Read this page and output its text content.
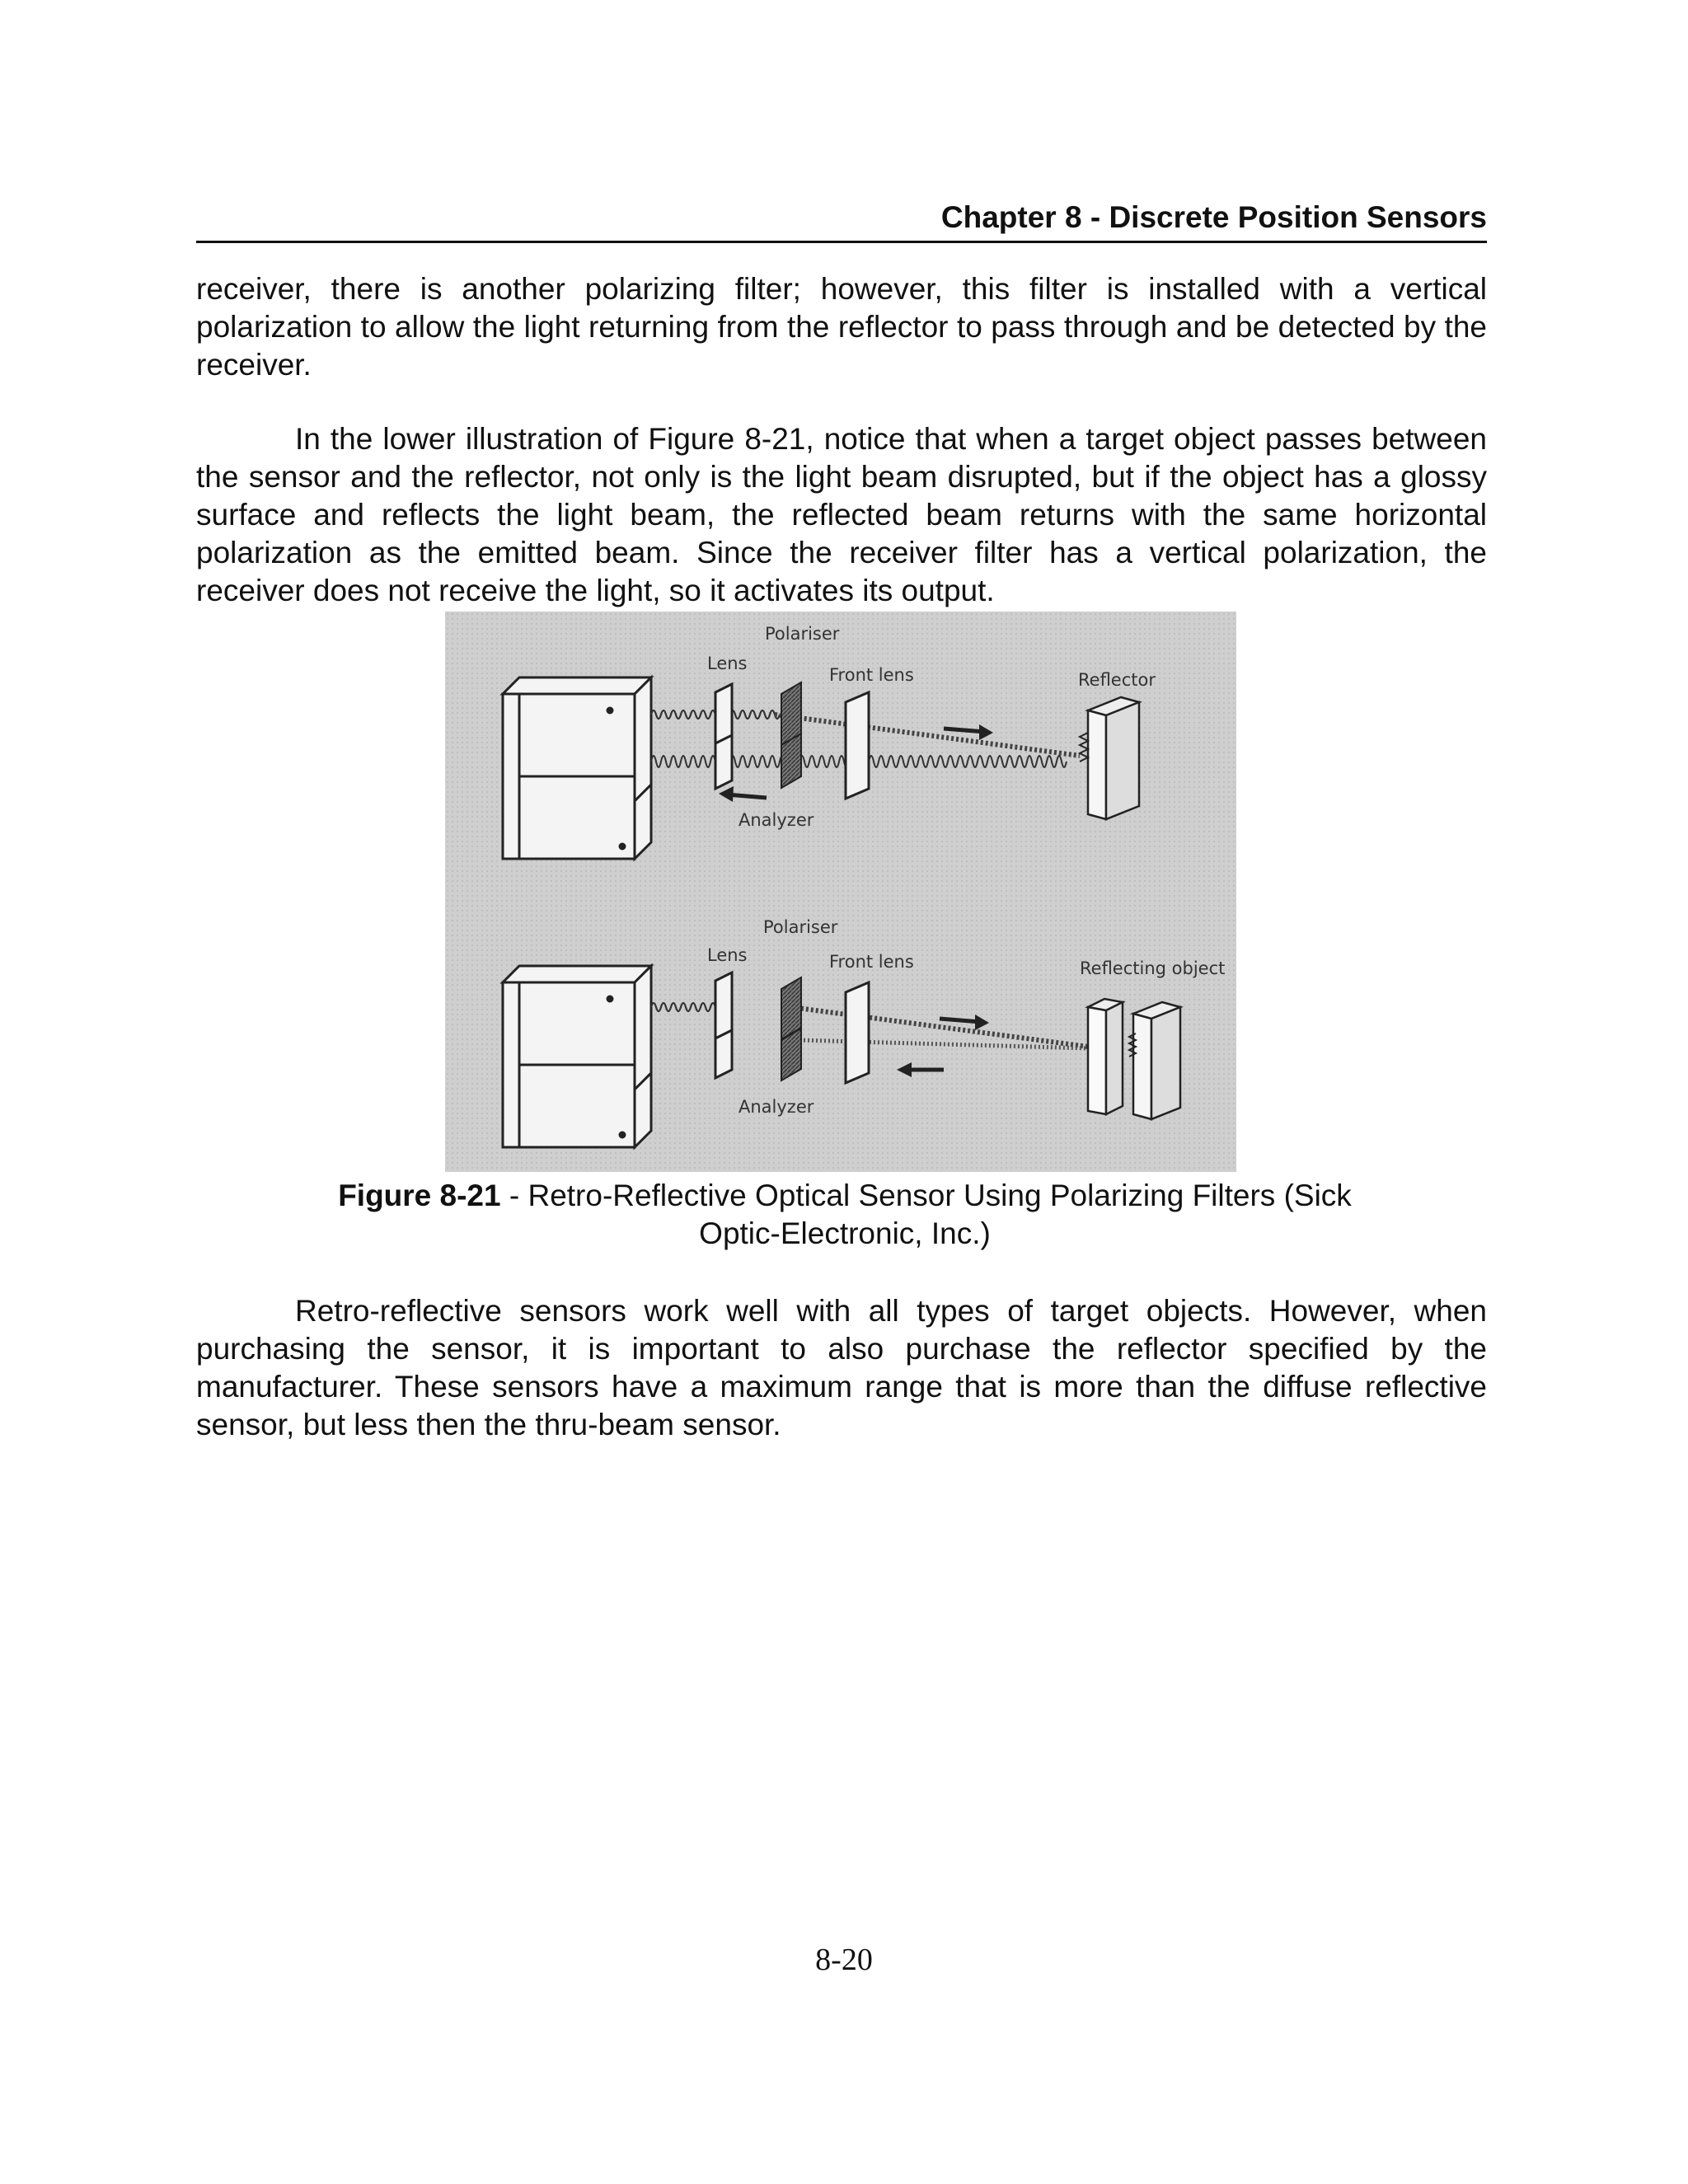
Chapter 8 - Discrete Position Sensors

receiver, there is another polarizing filter; however, this filter is installed with a vertical polarization to allow the light returning from the reflector to pass through and be detected by the receiver.

In the lower illustration of Figure 8-21, notice that when a target object passes between the sensor and the reflector, not only is the light beam disrupted, but if the object has a glossy surface and reflects the light beam, the reflected beam returns with the same horizontal polarization as the emitted beam. Since the receiver filter has a vertical polarization, the receiver does not receive the light, so it activates its output.

Polariser
Lens
Front lens	Reflector
Analyzer
Polariser
Lens	Front lens	Reflecting object
Analyzer
Figure 8-21 - Retro-Reflective Optical Sensor Using Polarizing Filters (Sick Optic-Electronic, Inc.)

Retro-reflective sensors work well with all types of target objects. However, when purchasing the sensor, it is important to also purchase the reflector specified by the manufacturer. These sensors have a maximum range that is more than the diffuse reflective sensor, but less then the thru-beam sensor.

8-20
